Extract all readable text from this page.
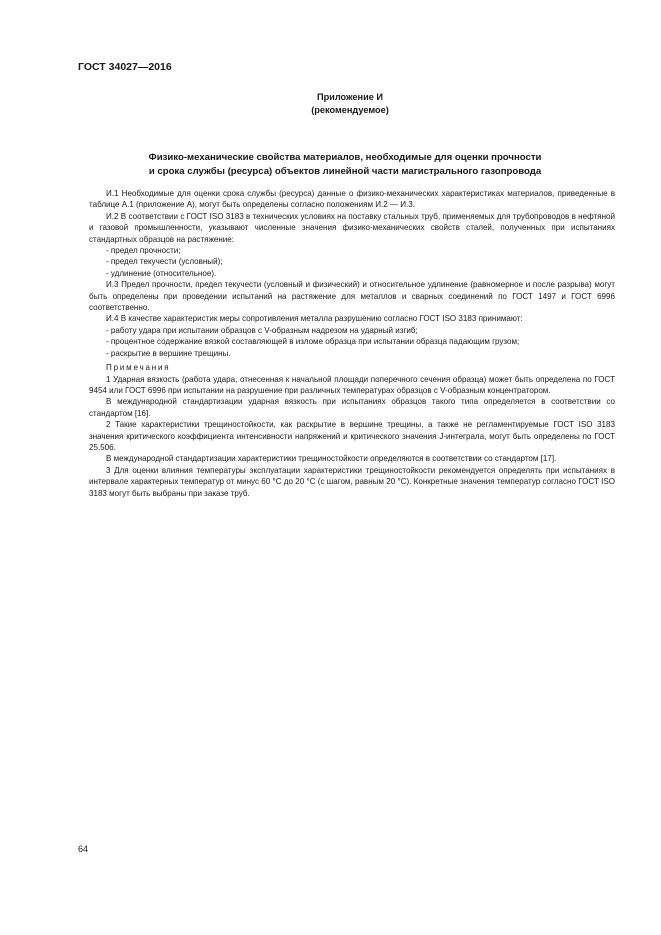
ГОСТ 34027—2016
Приложение И
(рекомендуемое)
Физико-механические свойства материалов, необходимые для оценки прочности
и срока службы (ресурса) объектов линейной части магистрального газопровода

И.1 Необходимые для оценки срока службы (ресурса) данные о физико-механических характеристиках материалов, приведенные в таблице А.1 (приложение А), могут быть определены согласно положениям И.2 — И.3.

И.2 В соответствии с ГОСТ ISO 3183 в технических условиях на поставку стальных труб, применяемых для трубопроводов в нефтяной и газовой промышленности, указывают численные значения физико-механических свойств сталей, полученных при испытаниях стандартных образцов на растяжение:

- предел прочности;

- предел текучести (условный);

- удлинение (относительное).

И.3 Предел прочности, предел текучести (условный и физический) и относительное удлинение (равномерное и после разрыва) могут быть определены при проведении испытаний на растяжение для металлов и сварных соединений по ГОСТ 1497 и ГОСТ 6996 соответственно.

И.4 В качестве характеристик меры сопротивления металла разрушению согласно ГОСТ ISO 3183 принимают:

- работу удара при испытании образцов с V-образным надрезом на ударный изгиб;

- процентное содержание вязкой составляющей в изломе образца при испытании образца падающим грузом;

- раскрытие в вершине трещины.

Примечания

1 Ударная вязкость (работа удара, отнесенная к начальной площади поперечного сечения образца) может быть определена по ГОСТ 9454 или ГОСТ 6996 при испытании на разрушение при различных температурах образцов с V-образным концентратором.

В международной стандартизации ударная вязкость при испытаниях образцов такого типа определяется в соответствии со стандартом [16].

2 Такие характеристики трещиностойкости, как раскрытие в вершине трещины, а также не регламентируемые ГОСТ ISO 3183 значения критического коэффициента интенсивности напряжений и критического значения J-интеграла, могут быть определены по ГОСТ 25.506.

В международной стандартизации характеристики трещиностойкости определяются в соответствии со стандартом [17].

3 Для оценки влияния температуры эксплуатации характеристики трещиностойкости рекомендуется определять при испытаниях в интервале характерных температур от минус 60 °С до 20 °С (с шагом, равным 20 °С). Конкретные значения температур согласно ГОСТ ISO 3183 могут быть выбраны при заказе труб.

64
